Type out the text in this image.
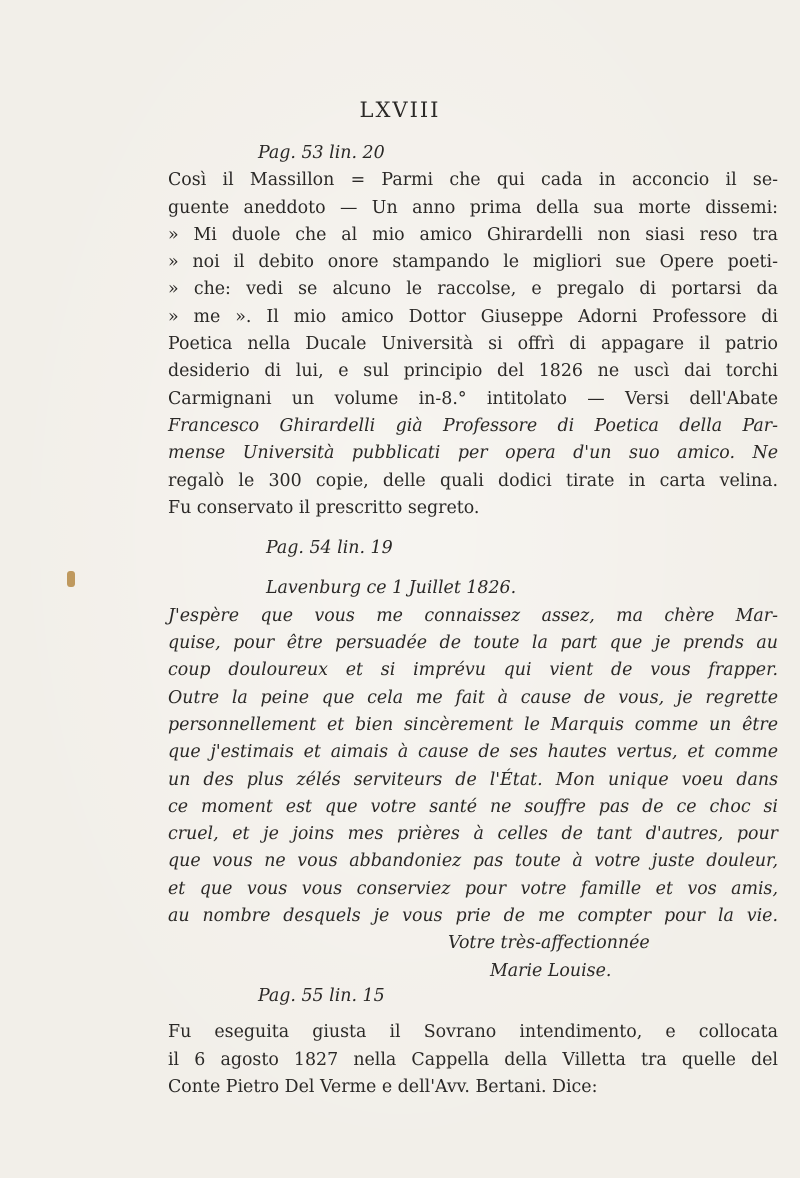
LXVIII
Pag. 53 lin. 20
Così il Massillon = Parmi che qui cada in acconcio il se-
guente aneddoto — Un anno prima della sua morte dissemi:
» Mi duole che al mio amico Ghirardelli non siasi reso tra
» noi il debito onore stampando le migliori sue Opere poeti-
» che: vedi se alcuno le raccolse, e pregalo di portarsi da
» me ». Il mio amico Dottor Giuseppe Adorni Professore di
Poetica nella Ducale Università si offrì di appagare il patrio
desiderio di lui, e sul principio del 1826 ne uscì dai torchi
Carmignani un volume in-8.° intitolato — Versi dell'Abate
Francesco Ghirardelli già Professore di Poetica della Par-
mense Università pubblicati per opera d'un suo amico. Ne
regalò le 300 copie, delle quali dodici tirate in carta velina.
Fu conservato il prescritto segreto.
Pag. 54 lin. 19
Lavenburg ce 1 Juillet 1826.
J'espère que vous me connaissez assez, ma chère Mar-
quise, pour être persuadée de toute la part que je prends au
coup douloureux et si imprévu qui vient de vous frapper.
Outre la peine que cela me fait à cause de vous, je regrette
personnellement et bien sincèrement le Marquis comme un être
que j'estimais et aimais à cause de ses hautes vertus, et comme
un des plus zélés serviteurs de l'État. Mon unique voeu dans
ce moment est que votre santé ne souffre pas de ce choc si
cruel, et je joins mes prières à celles de tant d'autres, pour
que vous ne vous abbandoniez pas toute à votre juste douleur,
et que vous vous conserviez pour votre famille et vos amis,
au nombre desquels je vous prie de me compter pour la vie.
Votre très-affectionnée
Marie Louise.
Pag. 55 lin. 15
Fu eseguita giusta il Sovrano intendimento, e collocata
il 6 agosto 1827 nella Cappella della Villetta tra quelle del
Conte Pietro Del Verme e dell'Avv. Bertani. Dice:
